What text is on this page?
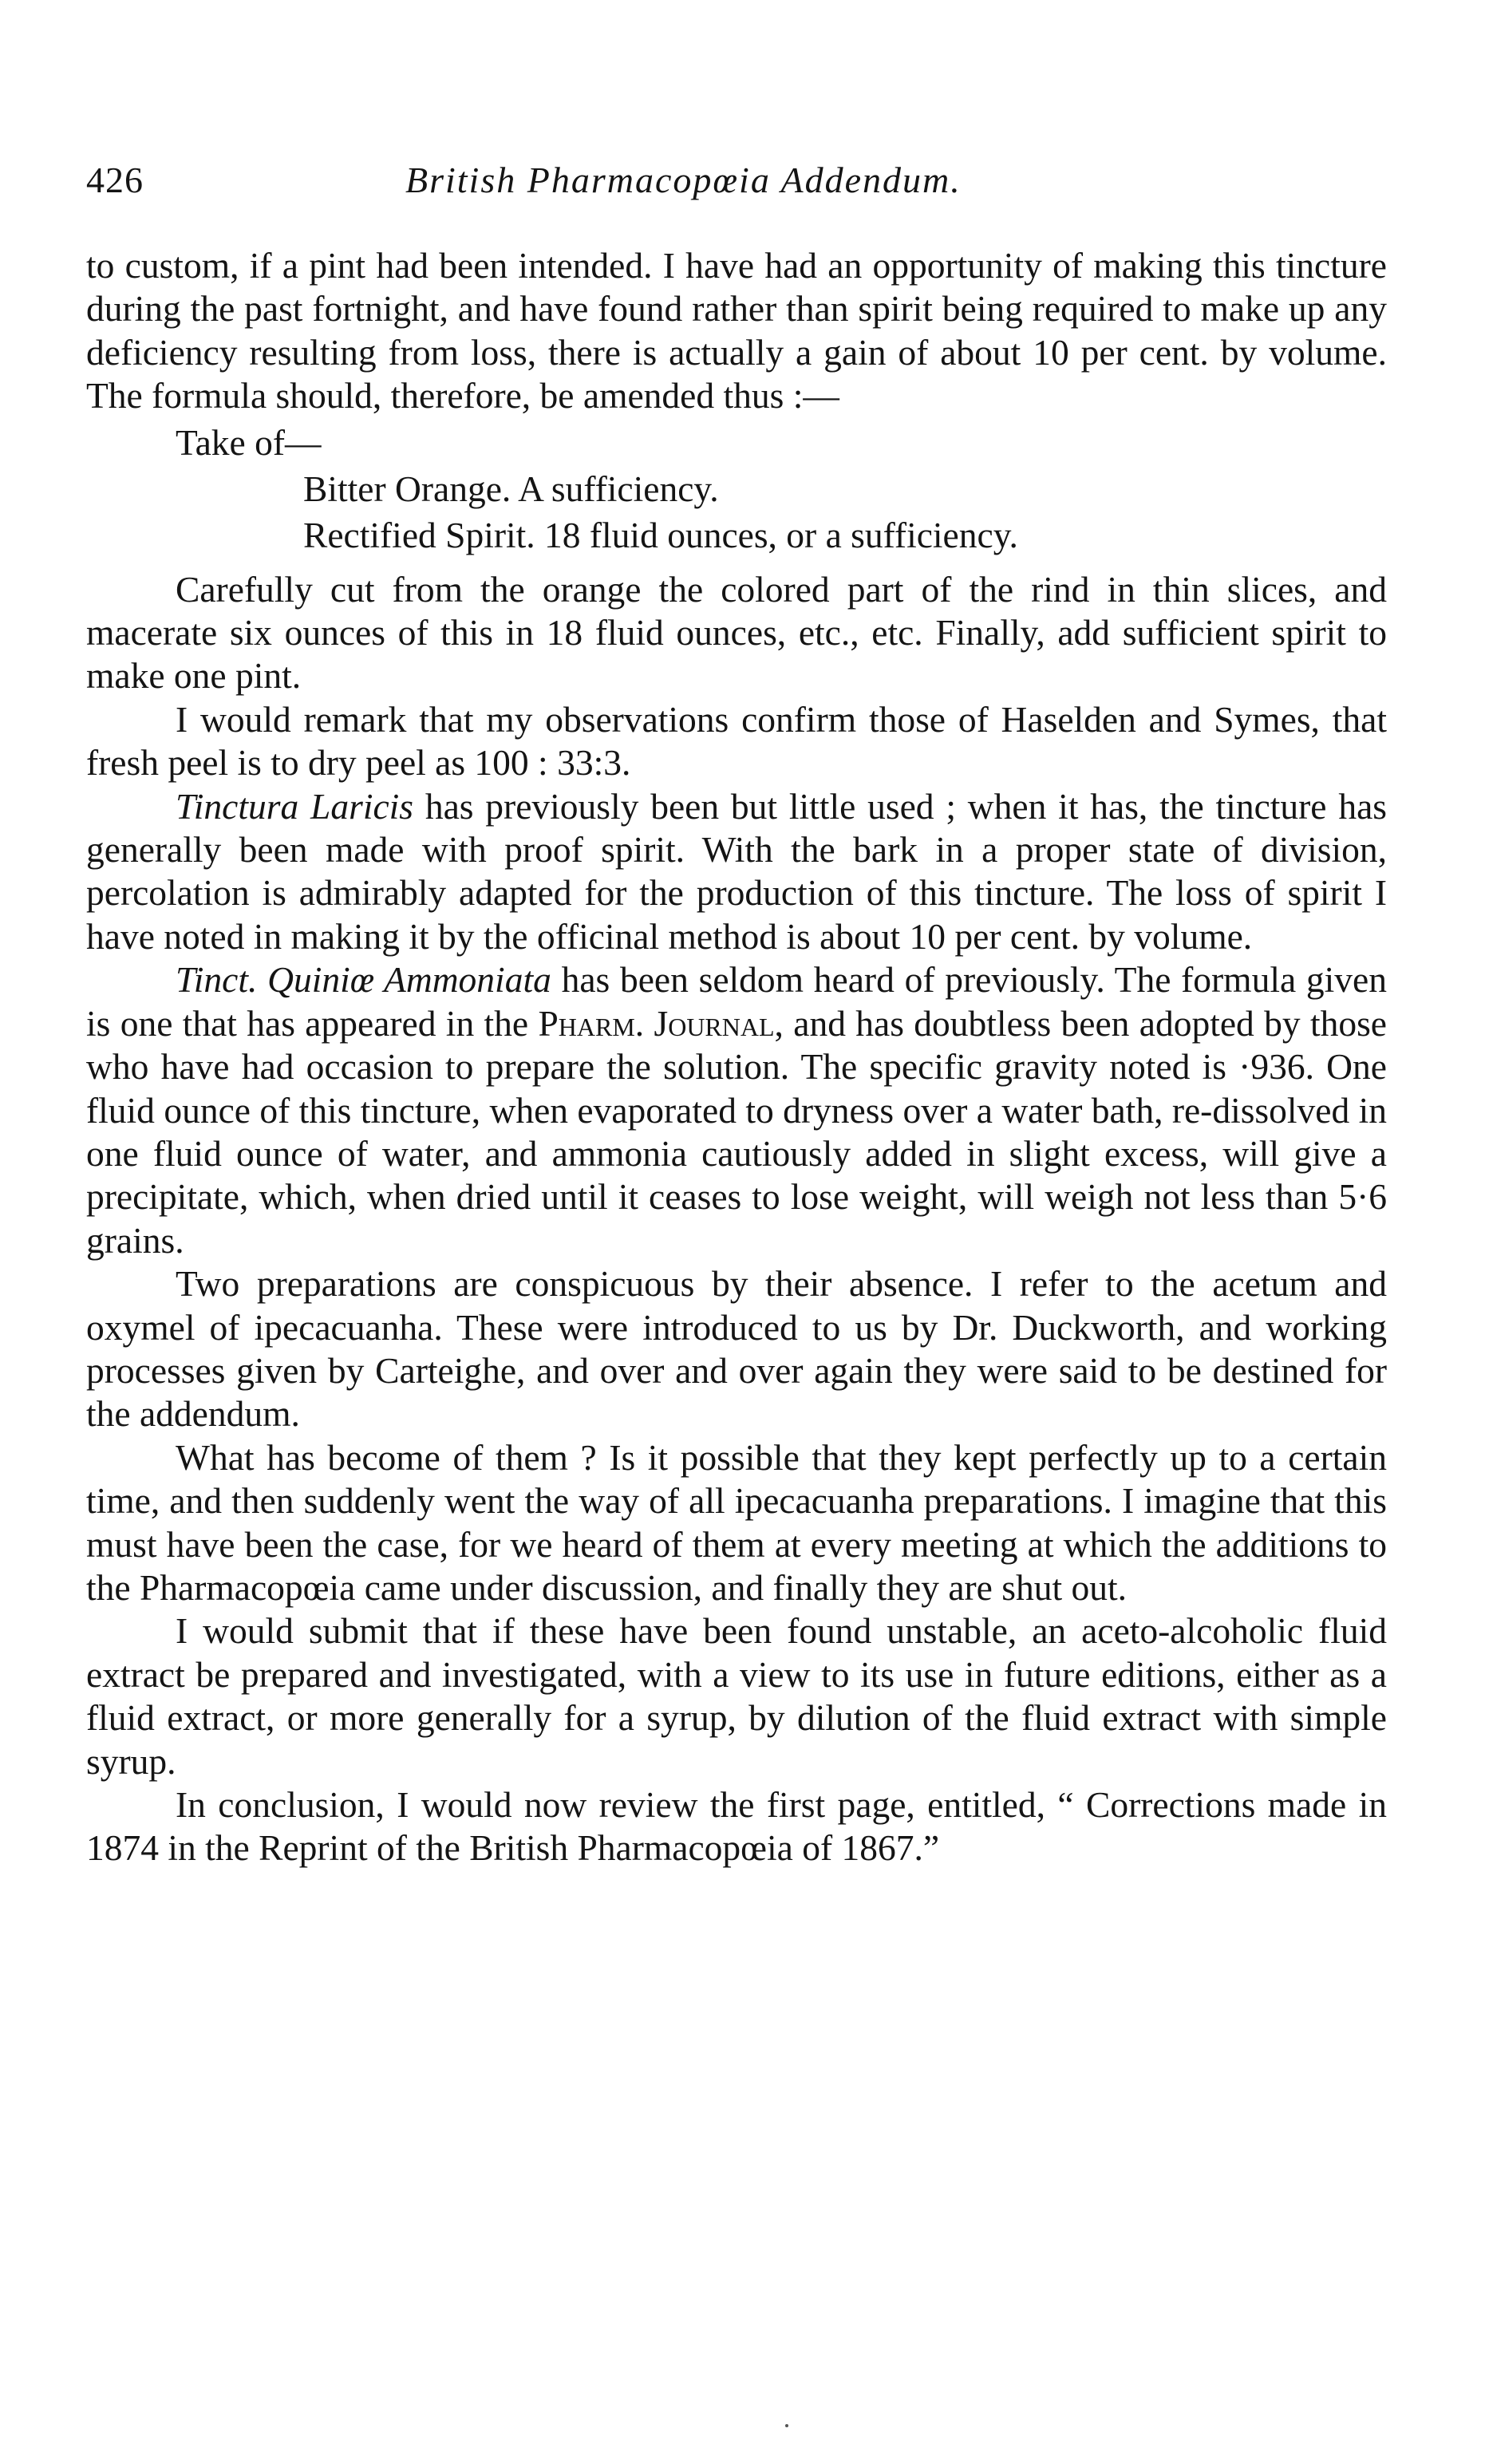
426	British Pharmacopœia Addendum.

to custom, if a pint had been intended. I have had an opportunity of making this tincture during the past fortnight, and have found rather than spirit being required to make up any deficiency resulting from loss, there is actually a gain of about 10 per cent. by volume. The formula should, therefore, be amended thus :—

Take of—
Bitter Orange. A sufficiency.
Rectified Spirit. 18 fluid ounces, or a sufficiency.

Carefully cut from the orange the colored part of the rind in thin slices, and macerate six ounces of this in 18 fluid ounces, etc., etc. Finally, add sufficient spirit to make one pint.

I would remark that my observations confirm those of Haselden and Symes, that fresh peel is to dry peel as 100 : 33:3.

Tinctura Laricis has previously been but little used ; when it has, the tincture has generally been made with proof spirit. With the bark in a proper state of division, percolation is admirably adapted for the production of this tincture. The loss of spirit I have noted in making it by the officinal method is about 10 per cent. by volume.

Tinct. Quiniœ Ammoniata has been seldom heard of previously. The formula given is one that has appeared in the Pharm. Journal, and has doubtless been adopted by those who have had occasion to prepare the solution. The specific gravity noted is ·936. One fluid ounce of this tincture, when evaporated to dryness over a water bath, re-dissolved in one fluid ounce of water, and ammonia cautiously added in slight excess, will give a precipitate, which, when dried until it ceases to lose weight, will weigh not less than 5·6 grains.

Two preparations are conspicuous by their absence. I refer to the acetum and oxymel of ipecacuanha. These were introduced to us by Dr. Duckworth, and working processes given by Carteighe, and over and over again they were said to be destined for the addendum.

What has become of them ? Is it possible that they kept perfectly up to a certain time, and then suddenly went the way of all ipecacuanha preparations. I imagine that this must have been the case, for we heard of them at every meeting at which the additions to the Pharmacopœia came under discussion, and finally they are shut out.

I would submit that if these have been found unstable, an aceto-alcoholic fluid extract be prepared and investigated, with a view to its use in future editions, either as a fluid extract, or more generally for a syrup, by dilution of the fluid extract with simple syrup.

In conclusion, I would now review the first page, entitled, “ Corrections made in 1874 in the Reprint of the British Pharmacopœia of 1867.”
